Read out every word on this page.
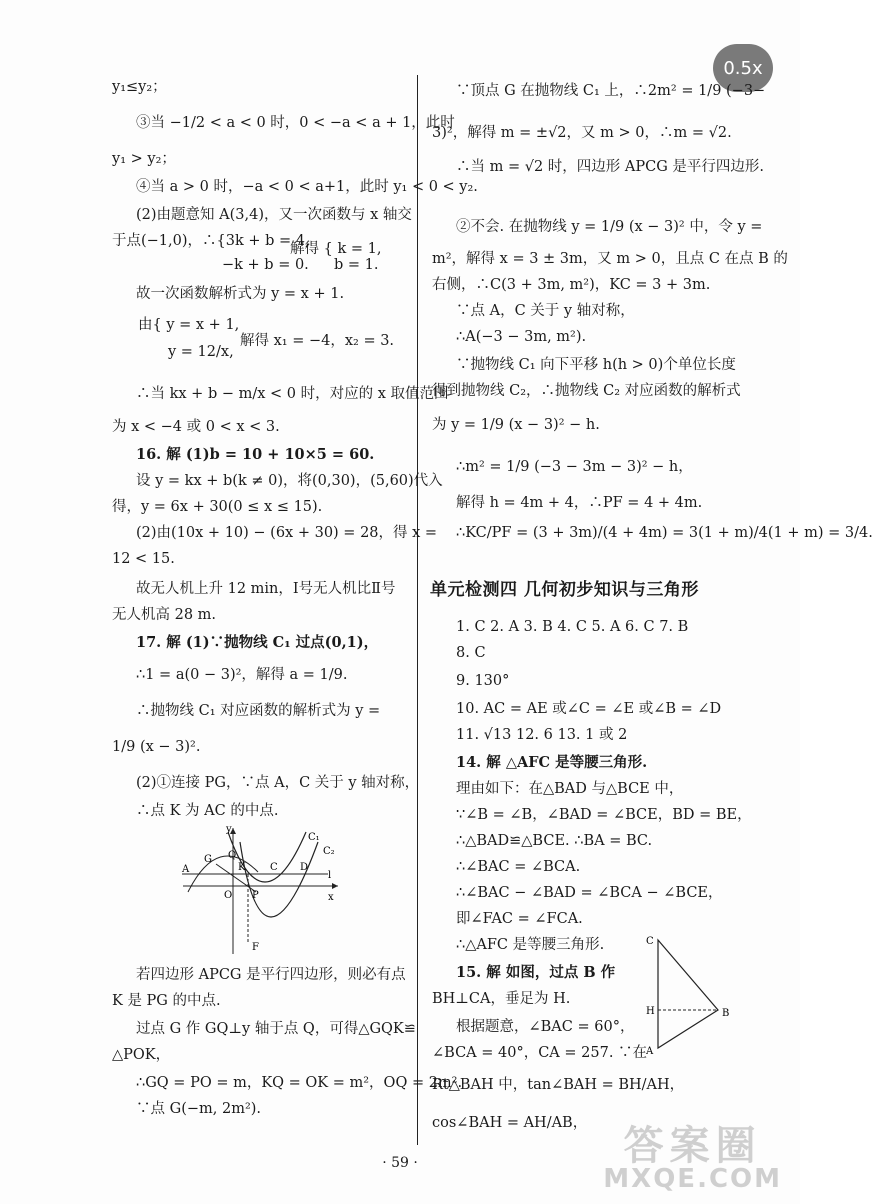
0.5x
y₁≤y₂；
③当 −1/2 < a < 0 时，0 < −a < a + 1，此时
y₁ > y₂；
④当 a > 0 时，−a < 0 < a+1，此时 y₁ < 0 < y₂.
(2)由题意知 A(3,4)，又一次函数与 x 轴交
于点(−1,0)，∴{3k + b = 4,
解得 { k = 1,
−k + b = 0. b = 1.
故一次函数解析式为 y = x + 1.
由{ y = x + 1,
y = 12/x,
解得 x₁ = −4，x₂ = 3.
∴当 kx + b − m/x < 0 时，对应的 x 取值范围
为 x < −4 或 0 < x < 3.
16. 解 (1)b = 10 + 10×5 = 60.
设 y = kx + b(k ≠ 0)，将(0,30)，(5,60)代入
得，y = 6x + 30(0 ≤ x ≤ 15).
(2)由(10x + 10) − (6x + 30) = 28，得 x =
12 < 15.
故无人机上升 12 min，Ⅰ号无人机比Ⅱ号
无人机高 28 m.
17. 解 (1)∵抛物线 C₁ 过点(0,1)，
∴1 = a(0 − 3)²，解得 a = 1/9.
∴抛物线 C₁ 对应函数的解析式为 y =
1/9 (x − 3)².
(2)①连接 PG，∵点 A，C 关于 y 轴对称，
∴点 K 为 AC 的中点.
y
x
C₁
C₂
A
G Q
K C D
O P
F
l
若四边形 APCG 是平行四边形，则必有点
K 是 PG 的中点.
过点 G 作 GQ⊥y 轴于点 Q，可得△GQK≌
△POK，
∴GQ = PO = m，KQ = OK = m²，OQ = 2m².
∵点 G(−m, 2m²).
∵顶点 G 在抛物线 C₁ 上，∴2m² = 1/9 (−3−
3)²，解得 m = ±√2，又 m > 0，∴m = √2.
∴当 m = √2 时，四边形 APCG 是平行四边形.
②不会. 在抛物线 y = 1/9 (x − 3)² 中，令 y =
m²，解得 x = 3 ± 3m，又 m > 0，且点 C 在点 B 的
右侧，∴C(3 + 3m, m²)，KC = 3 + 3m.
∵点 A，C 关于 y 轴对称，
∴A(−3 − 3m, m²).
∵抛物线 C₁ 向下平移 h(h > 0)个单位长度
得到抛物线 C₂，∴抛物线 C₂ 对应函数的解析式
为 y = 1/9 (x − 3)² − h.
∴m² = 1/9 (−3 − 3m − 3)² − h，
解得 h = 4m + 4，∴PF = 4 + 4m.
∴KC/PF = (3 + 3m)/(4 + 4m) = 3(1 + m)/4(1 + m) = 3/4.
单元检测四 几何初步知识与三角形
1. C 2. A 3. B 4. C 5. A 6. C 7. B
8. C
9. 130°
10. AC = AE 或∠C = ∠E 或∠B = ∠D
11. √13 12. 6 13. 1 或 2
14. 解 △AFC 是等腰三角形.
理由如下：在△BAD 与△BCE 中，
∵∠B = ∠B，∠BAD = ∠BCE，BD = BE，
∴△BAD≌△BCE. ∴BA = BC.
∴∠BAC = ∠BCA.
∴∠BAC − ∠BAD = ∠BCA − ∠BCE，
即∠FAC = ∠FCA.
∴△AFC 是等腰三角形.
15. 解 如图，过点 B 作
BH⊥CA，垂足为 H.
根据题意，∠BAC = 60°，
∠BCA = 40°，CA = 257. ∵在
Rt△BAH 中，tan∠BAH = BH/AH，
cos∠BAH = AH/AB，
C
H	B
A
· 59 ·	答案圈
MXQE.COM
